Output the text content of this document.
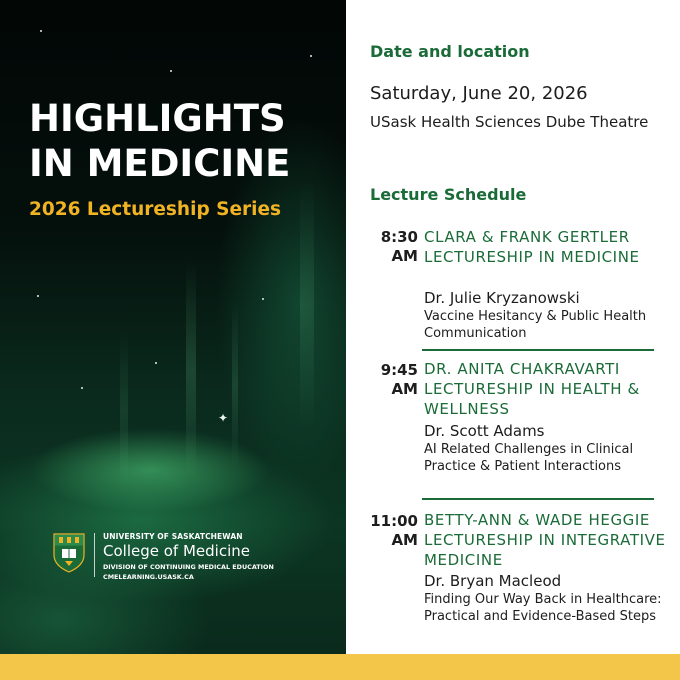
✦
HIGHLIGHTS
IN MEDICINE
2026 Lectureship Series
UNIVERSITY OF SASKATCHEWAN
College of Medicine
DIVISION OF CONTINUING MEDICAL EDUCATION
CMELEARNING.USASK.CA
Date and location
Saturday, June 20, 2026
USask Health Sciences Dube Theatre
Lecture Schedule
8:30
AM
CLARA & FRANK GERTLER LECTURESHIP IN MEDICINE
Dr. Julie Kryzanowski
Vaccine Hesitancy & Public Health Communication
9:45
AM
DR. ANITA CHAKRAVARTI LECTURESHIP IN HEALTH & WELLNESS
Dr. Scott Adams
AI Related Challenges in Clinical Practice & Patient Interactions
11:00
AM
BETTY-ANN & WADE HEGGIE LECTURESHIP IN INTEGRATIVE MEDICINE
Dr. Bryan Macleod
Finding Our Way Back in Healthcare: Practical and Evidence-Based Steps
